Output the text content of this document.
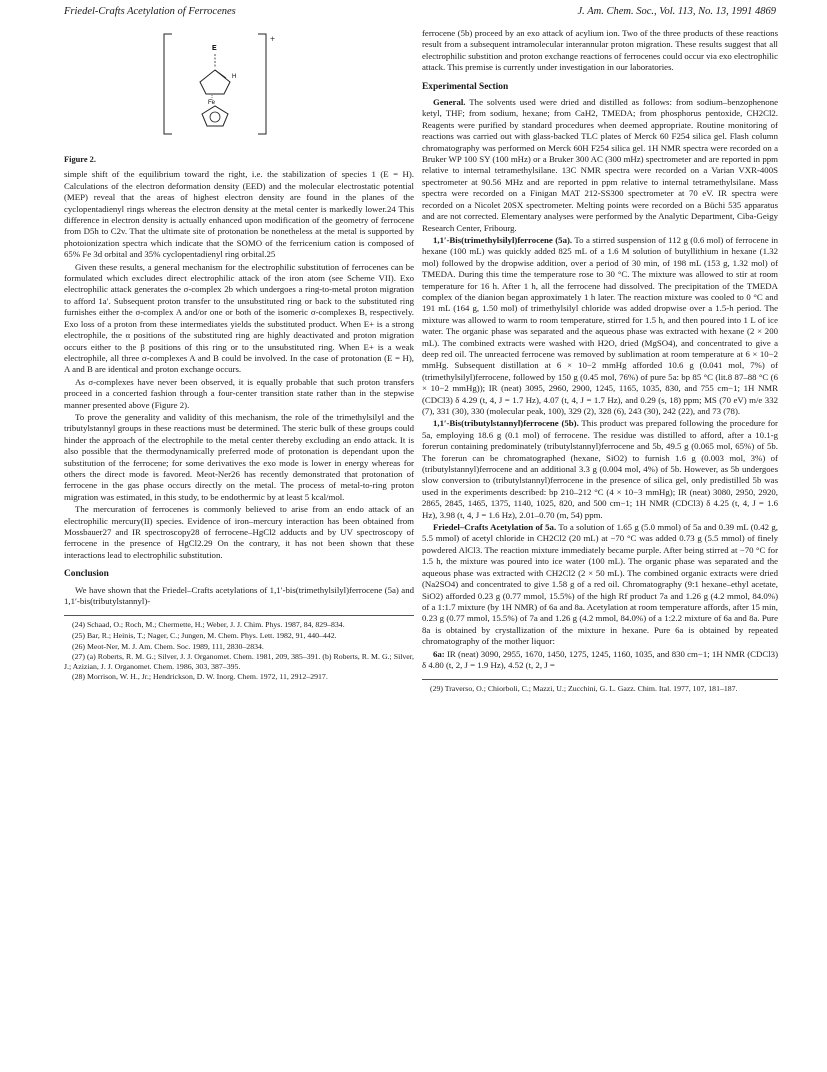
Friedel-Crafts Acetylation of Ferrocenes	J. Am. Chem. Soc., Vol. 113, No. 13, 1991 4869
+
E
H
Fe
Figure 2.

simple shift of the equilibrium toward the right, i.e. the stabilization of species 1 (E = H). Calculations of the electron deformation density (EED) and the molecular electrostatic potential (MEP) reveal that the areas of highest electron density are found in the planes of the cyclopentadienyl rings whereas the electron density at the metal center is markedly lower.24 This difference in electron density is actually enhanced upon modification of the geometry of ferrocene from D5h to C2v. That the ultimate site of protonation be nonetheless at the metal is supported by photoionization spectra which indicate that the SOMO of the ferricenium cation is composed of 65% Fe 3d orbital and 35% cyclopentadienyl ring orbital.25

Given these results, a general mechanism for the electrophilic substitution of ferrocenes can be formulated which excludes direct electrophilic attack of the iron atom (see Scheme VII). Exo electrophilic attack generates the σ-complex 2b which undergoes a ring-to-metal proton migration to afford 1a′. Subsequent proton transfer to the unsubstituted ring or back to the substituted ring furnishes either the σ-complex A and/or one or both of the isomeric σ-complexes B, respectively. Exo loss of a proton from these intermediates yields the substituted product. When E+ is a strong electrophile, the α positions of the substituted ring are highly deactivated and proton migration occurs either to the β positions of this ring or to the unsubstituted ring. When E+ is a weak electrophile, all three σ-complexes A and B could be involved. In the case of protonation (E = H), A and B are identical and proton exchange occurs.

As σ-complexes have never been observed, it is equally probable that such proton transfers proceed in a concerted fashion through a four-center transition state rather than in the stepwise manner presented above (Figure 2).

To prove the generality and validity of this mechanism, the role of the trimethylsilyl and the tributylstannyl groups in these reactions must be determined. The steric bulk of these groups could hinder the approach of the electrophile to the metal center thereby excluding an endo attack. It is also possible that the thermodynamically preferred mode of protonation is dependant upon the substitution of the ferrocene; for some derivatives the exo mode is lower in energy whereas for others the direct mode is favored. Meot-Ner26 has recently demonstrated that protonation of ferrocene in the gas phase occurs directly on the metal. The process of metal-to-ring proton migration was estimated, in this study, to be endothermic by at least 5 kcal/mol.

The mercuration of ferrocenes is commonly believed to arise from an endo attack of an electrophilic mercury(II) species. Evidence of iron–mercury interaction has been obtained from Mossbauer27 and IR spectroscopy28 of ferrocene–HgCl2 adducts and by UV spectroscopy of ferrocene in the presence of HgCl2.29 On the contrary, it has not been shown that these interactions lead to electrophilic substitution.

Conclusion

We have shown that the Friedel–Crafts acetylations of 1,1′-bis(trimethylsilyl)ferrocene (5a) and 1,1′-bis(tributylstannyl)-

(24) Schaad, O.; Roch, M.; Chermette, H.; Weber, J. J. Chim. Phys. 1987, 84, 829–834.
(25) Bar, R.; Heinis, T.; Nager, C.; Jungen, M. Chem. Phys. Lett. 1982, 91, 440–442.
(26) Meot-Ner, M. J. Am. Chem. Soc. 1989, 111, 2830–2834.
(27) (a) Roberts, R. M. G.; Silver, J. J. Organomet. Chem. 1981, 209, 385–391. (b) Roberts, R. M. G.; Silver, J.; Azizian, J. J. Organomet. Chem. 1986, 303, 387–395.
(28) Morrison, W. H., Jr.; Hendrickson, D. W. Inorg. Chem. 1972, 11, 2912–2917.

ferrocene (5b) proceed by an exo attack of acylium ion. Two of the three products of these reactions result from a subsequent intramolecular interannular proton migration. These results suggest that all electrophilic substition and proton exchange reactions of ferrocenes could occur via exo electrophilic attack. This premise is currently under investigation in our laboratories.

Experimental Section

General. The solvents used were dried and distilled as follows: from sodium–benzophenone ketyl, THF; from sodium, hexane; from CaH2, TMEDA; from phosphorus pentoxide, CH2Cl2. Reagents were purified by standard procedures when deemed appropriate. Routine monitoring of reactions was carried out with glass-backed TLC plates of Merck 60 F254 silica gel. Flash column chromatography was performed on Merck 60H F254 silica gel. 1H NMR spectra were recorded on a Bruker WP 100 SY (100 mHz) or a Bruker 300 AC (300 mHz) spectrometer and are reported in ppm relative to internal tetramethylsilane. 13C NMR spectra were recorded on a Varian VXR-400S spectrometer at 90.56 MHz and are reported in ppm relative to internal tetramethylsilane. Mass spectra were recorded on a Finigan MAT 212-SS300 spectrometer at 70 eV. IR spectra were recorded on a Nicolet 20SX spectrometer. Melting points were recorded on a Büchi 535 apparatus and are not corrected. Elementary analyses were performed by the Analytic Department, Ciba-Geigy Research Center, Fribourg.

1,1′-Bis(trimethylsilyl)ferrocene (5a). To a stirred suspension of 112 g (0.6 mol) of ferrocene in hexane (100 mL) was quickly added 825 mL of a 1.6 M solution of butyllithium in hexane (1.32 mol) followed by the dropwise addition, over a period of 30 min, of 198 mL (153 g, 1.32 mol) of TMEDA. During this time the temperature rose to 30 °C. The mixture was allowed to stir at room temperature for 16 h. After 1 h, all the ferrocene had dissolved. The precipitation of the TMEDA complex of the dianion began approximately 1 h later. The reaction mixture was cooled to 0 °C and 191 mL (164 g, 1.50 mol) of trimethylsilyl chloride was added dropwise over a 1.5-h period. The mixture was allowed to warm to room temperature, stirred for 1.5 h, and then poured into 1 L of ice water. The organic phase was separated and the aqueous phase was extracted with hexane (2 × 200 mL). The combined extracts were washed with H2O, dried (MgSO4), and concentrated to give a deep red oil. The unreacted ferrocene was removed by sublimation at room temperature at 6 × 10−2 mmHg. Subsequent distillation at 6 × 10−2 mmHg afforded 10.6 g (0.041 mol, 7%) of (trimethylsilyl)ferrocene, followed by 150 g (0.45 mol, 76%) of pure 5a: bp 85 °C (lit.8 87–88 °C (6 × 10−2 mmHg)); IR (neat) 3095, 2960, 2900, 1245, 1165, 1035, 830, and 755 cm−1; 1H NMR (CDCl3) δ 4.29 (t, 4, J = 1.7 Hz), 4.07 (t, 4, J = 1.7 Hz), and 0.29 (s, 18) ppm; MS (70 eV) m/e 332 (7), 331 (30), 330 (molecular peak, 100), 329 (2), 328 (6), 243 (30), 242 (22), and 73 (78).

1,1′-Bis(tributylstannyl)ferrocene (5b). This product was prepared following the procedure for 5a, employing 18.6 g (0.1 mol) of ferrocene. The residue was distilled to afford, after a 10.1-g forerun containing predominately (tributylstannyl)ferrocene and 5b, 49.5 g (0.065 mol, 65%) of 5b. The forerun can be chromatographed (hexane, SiO2) to furnish 1.6 g (0.003 mol, 3%) of (tributylstannyl)ferrocene and an additional 3.3 g (0.004 mol, 4%) of 5b. However, as 5b undergoes slow conversion to (tributylstannyl)ferrocene in the presence of silica gel, only predistilled 5b was used in the experiments described: bp 210–212 °C (4 × 10−3 mmHg); IR (neat) 3080, 2950, 2920, 2865, 2845, 1465, 1375, 1140, 1025, 820, and 500 cm−1; 1H NMR (CDCl3) δ 4.25 (t, 4, J = 1.6 Hz), 3.98 (t, 4, J = 1.6 Hz), 2.01–0.70 (m, 54) ppm.

Friedel–Crafts Acetylation of 5a. To a solution of 1.65 g (5.0 mmol) of 5a and 0.39 mL (0.42 g, 5.5 mmol) of acetyl chloride in CH2Cl2 (20 mL) at −70 °C was added 0.73 g (5.5 mmol) of finely powdered AlCl3. The reaction mixture immediately became purple. After being stirred at −70 °C for 1.5 h, the mixture was poured into ice water (100 mL). The organic phase was separated and the aqueous phase was extracted with CH2Cl2 (2 × 50 mL). The combined organic extracts were dried (Na2SO4) and concentrated to give 1.58 g of a red oil. Chromatography (9:1 hexane–ethyl acetate, SiO2) afforded 0.23 g (0.77 mmol, 15.5%) of the high Rf product 7a and 1.26 g (4.2 mmol, 84.0%) of a 1:1.7 mixture (by 1H NMR) of 6a and 8a. Acetylation at room temperature affords, after 15 min, 0.23 g (0.77 mmol, 15.5%) of 7a and 1.26 g (4.2 mmol, 84.0%) of a 1:2.2 mixture of 6a and 8a. Pure 8a is obtained by crystallization of the mixture in hexane. Pure 6a is obtained by repeated chromatography of the mother liquor:

6a: IR (neat) 3090, 2955, 1670, 1450, 1275, 1245, 1160, 1035, and 830 cm−1; 1H NMR (CDCl3) δ 4.80 (t, 2, J = 1.9 Hz), 4.52 (t, 2, J =

(29) Traverso, O.; Chiorboli, C.; Mazzi, U.; Zucchini, G. L. Gazz. Chim. Ital. 1977, 107, 181–187.
